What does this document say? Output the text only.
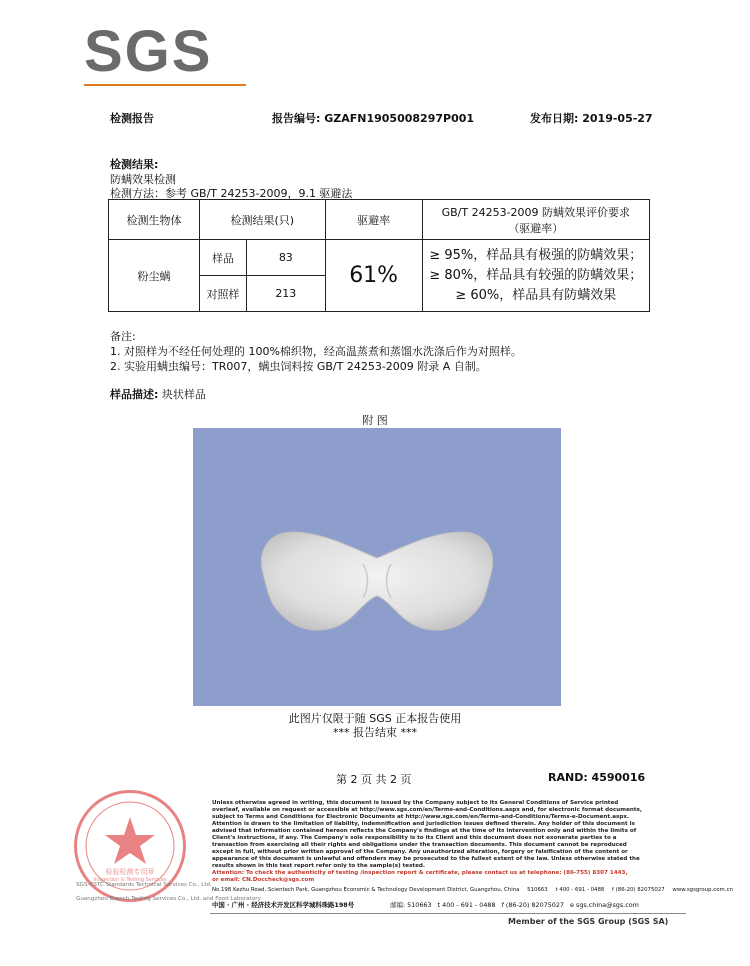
SGS
检测报告	报告编号: GZAFN1905008297P001	发布日期: 2019-05-27
检测结果:
防螨效果检测
检测方法：参考 GB/T 24253-2009，9.1 驱避法
检测生物体	检测结果(只)		驱避率	GB/T 24253-2009 防螨效果评价要求
（驱避率）

粉尘螨	样品	83	61%	≥ 95%，样品具有极强的防螨效果；
≥ 80%，样品具有较强的防螨效果；
≥ 60%，样品具有防螨效果

	对照样	213		
备注:
1. 对照样为不经任何处理的 100%棉织物，经高温蒸煮和蒸馏水洗涤后作为对照样。
2. 实验用螨虫编号：TR007，螨虫饲料按 GB/T 24253-2009 附录 A 自制。
样品描述: 块状样品
附 图
此图片仅限于随 SGS 正本报告使用
*** 报告结束 ***
第 2 页 共 2 页	RAND: 4590016
Unless otherwise agreed in writing, this document is issued by the Company subject to its General Conditions of Service printed
overleaf, available on request or accessible at http://www.sgs.com/en/Terms-and-Conditions.aspx and, for electronic format documents,
subject to Terms and Conditions for Electronic Documents at http://www.sgs.com/en/Terms-and-Conditions/Terms-e-Document.aspx.
Attention is drawn to the limitation of liability, indemnification and jurisdiction issues defined therein. Any holder of this document is
advised that information contained hereon reflects the Company's findings at the time of its intervention only and within the limits of
Client's instructions, if any. The Company's sole responsibility is to its Client and this document does not exonerate parties to a
transaction from exercising all their rights and obligations under the transaction documents. This document cannot be reproduced
except in full, without prior written approval of the Company. Any unauthorized alteration, forgery or falsification of the content or
appearance of this document is unlawful and offenders may be prosecuted to the fullest extent of the law. Unless otherwise stated the
results shown in this test report refer only to the sample(s) tested.
Attention: To check the authenticity of testing /inspection report & certificate, please contact us at telephone: (86-755) 8307 1443,
or email: CN.Doccheck@sgs.com
No.198 Kezhu Road, Scientech Park, Guangzhou Economic & Technology Development District, Guangzhou, China 510663 t 400 - 691 - 0488 f (86-20) 82075027 www.sgsgroup.com.cn
中国 · 广州 · 经济技术开发区科学城科珠路198号	邮编: 510663 t 400 - 691 - 0488 f (86-20) 82075027 e sgs.china@sgs.com
检验检测专用章
Inspection & Testing Services
SGS-CSTC Standards Technical Services Co., Ltd.
Guangzhou Branch Testing Services Co., Ltd. and Food Laboratory
Member of the SGS Group (SGS SA)
